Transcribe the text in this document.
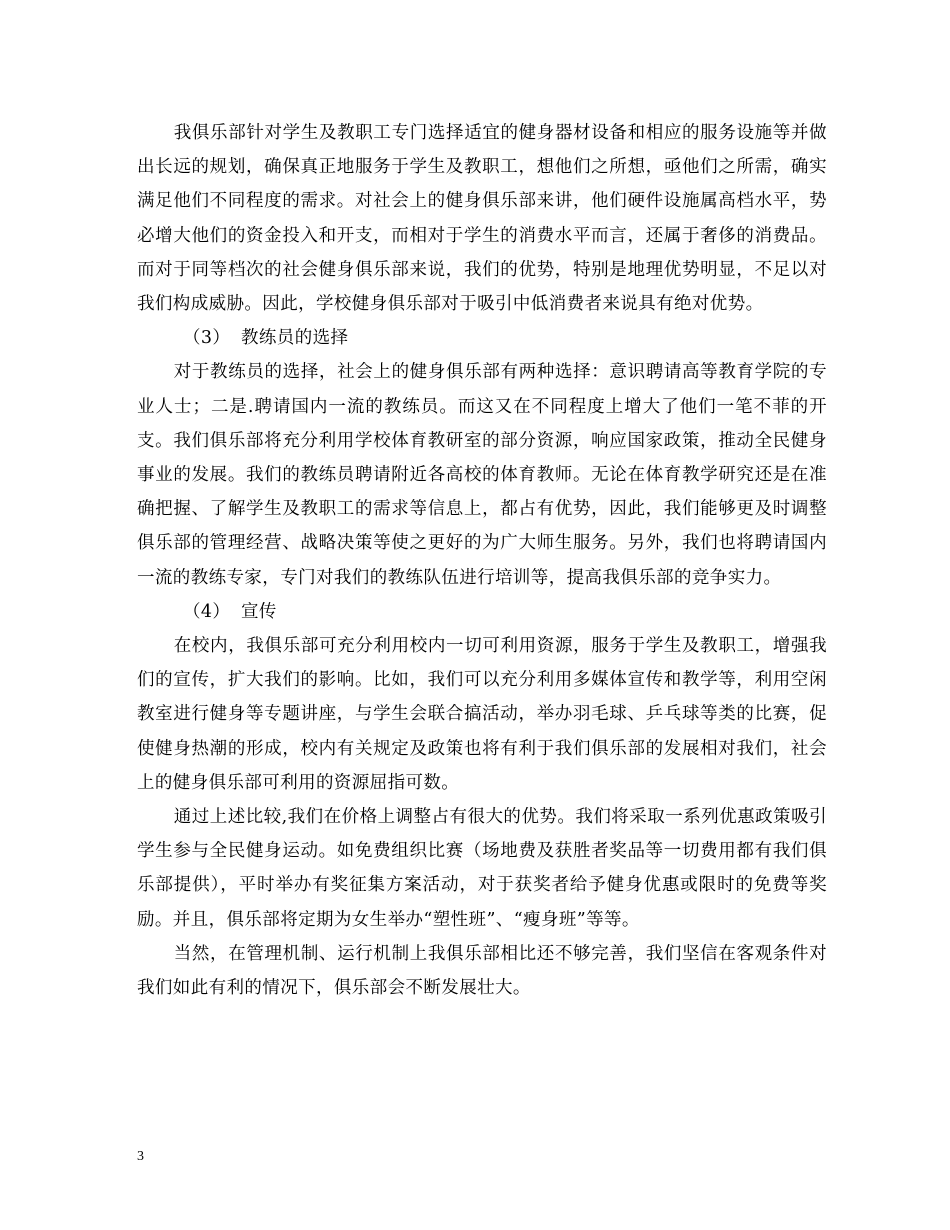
我俱乐部针对学生及教职工专门选择适宜的健身器材设备和相应的服务设施等并做出长远的规划，确保真正地服务于学生及教职工，想他们之所想，亟他们之所需，确实满足他们不同程度的需求。对社会上的健身俱乐部来讲，他们硬件设施属高档水平，势必增大他们的资金投入和开支，而相对于学生的消费水平而言，还属于奢侈的消费品。而对于同等档次的社会健身俱乐部来说，我们的优势，特别是地理优势明显，不足以对我们构成威胁。因此，学校健身俱乐部对于吸引中低消费者来说具有绝对优势。

（3） 教练员的选择

对于教练员的选择，社会上的健身俱乐部有两种选择：意识聘请高等教育学院的专业人士；二是.聘请国内一流的教练员。而这又在不同程度上增大了他们一笔不菲的开支。我们俱乐部将充分利用学校体育教研室的部分资源，响应国家政策，推动全民健身事业的发展。我们的教练员聘请附近各高校的体育教师。无论在体育教学研究还是在准确把握、了解学生及教职工的需求等信息上，都占有优势，因此，我们能够更及时调整俱乐部的管理经营、战略决策等使之更好的为广大师生服务。另外，我们也将聘请国内一流的教练专家，专门对我们的教练队伍进行培训等，提高我俱乐部的竞争实力。

（4） 宣传

在校内，我俱乐部可充分利用校内一切可利用资源，服务于学生及教职工，增强我们的宣传，扩大我们的影响。比如，我们可以充分利用多媒体宣传和教学等，利用空闲教室进行健身等专题讲座，与学生会联合搞活动，举办羽毛球、乒乓球等类的比赛，促使健身热潮的形成，校内有关规定及政策也将有利于我们俱乐部的发展相对我们，社会上的健身俱乐部可利用的资源屈指可数。

通过上述比较,我们在价格上调整占有很大的优势。我们将采取一系列优惠政策吸引学生参与全民健身运动。如免费组织比赛（场地费及获胜者奖品等一切费用都有我们俱乐部提供），平时举办有奖征集方案活动，对于获奖者给予健身优惠或限时的免费等奖励。并且，俱乐部将定期为女生举办“塑性班”、“瘦身班”等等。

当然，在管理机制、运行机制上我俱乐部相比还不够完善，我们坚信在客观条件对我们如此有利的情况下，俱乐部会不断发展壮大。

3
